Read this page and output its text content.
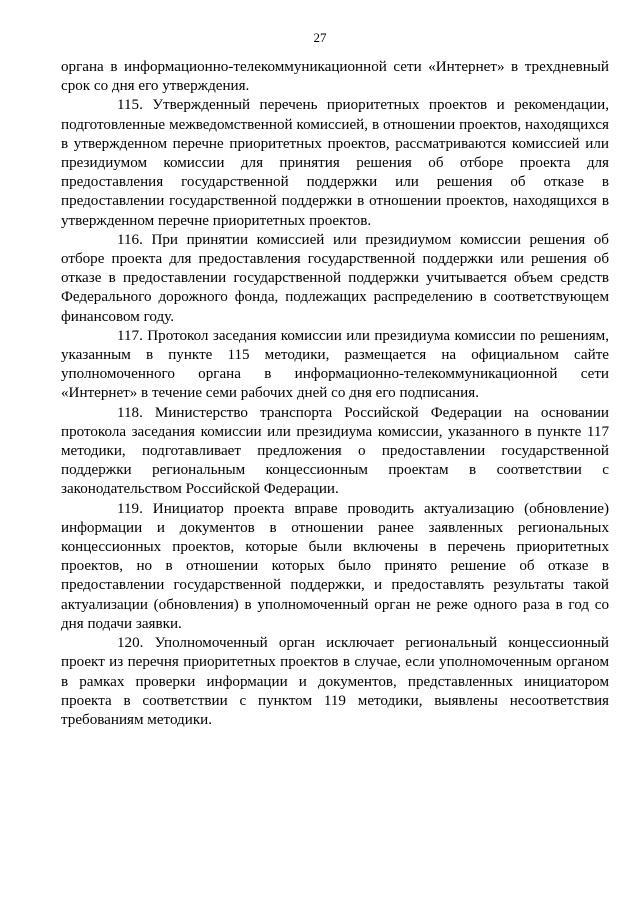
27

органа в информационно-телекоммуникационной сети «Интернет» в трехдневный срок со дня его утверждения.

115. Утвержденный перечень приоритетных проектов и рекомендации, подготовленные межведомственной комиссией, в отношении проектов, находящихся в утвержденном перечне приоритетных проектов, рассматриваются комиссией или президиумом комиссии для принятия решения об отборе проекта для предоставления государственной поддержки или решения об отказе в предоставлении государственной поддержки в отношении проектов, находящихся в утвержденном перечне приоритетных проектов.

116. При принятии комиссией или президиумом комиссии решения об отборе проекта для предоставления государственной поддержки или решения об отказе в предоставлении государственной поддержки учитывается объем средств Федерального дорожного фонда, подлежащих распределению в соответствующем финансовом году.

117. Протокол заседания комиссии или президиума комиссии по решениям, указанным в пункте 115 методики, размещается на официальном сайте уполномоченного органа в информационно-телекоммуникационной сети «Интернет» в течение семи рабочих дней со дня его подписания.

118. Министерство транспорта Российской Федерации на основании протокола заседания комиссии или президиума комиссии, указанного в пункте 117 методики, подготавливает предложения о предоставлении государственной поддержки региональным концессионным проектам в соответствии с законодательством Российской Федерации.

119. Инициатор проекта вправе проводить актуализацию (обновление) информации и документов в отношении ранее заявленных региональных концессионных проектов, которые были включены в перечень приоритетных проектов, но в отношении которых было принято решение об отказе в предоставлении государственной поддержки, и предоставлять результаты такой актуализации (обновления) в уполномоченный орган не реже одного раза в год со дня подачи заявки.

120. Уполномоченный орган исключает региональный концессионный проект из перечня приоритетных проектов в случае, если уполномоченным органом в рамках проверки информации и документов, представленных инициатором проекта в соответствии с пунктом 119 методики, выявлены несоответствия требованиям методики.
